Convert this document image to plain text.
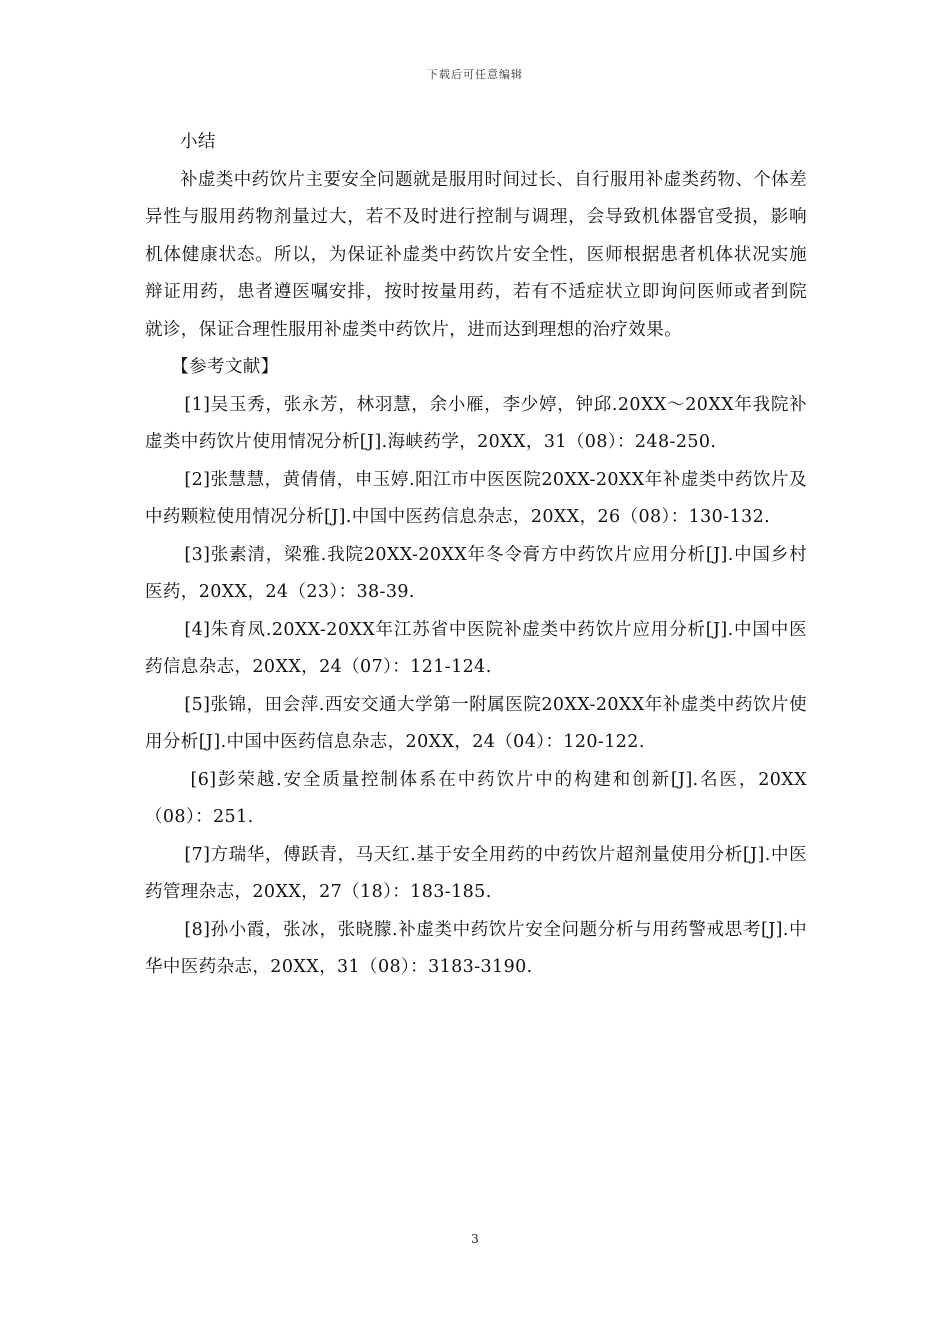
下载后可任意编辑

小结

补虚类中药饮片主要安全问题就是服用时间过长、自行服用补虚类药物、个体差异性与服用药物剂量过大，若不及时进行控制与调理，会导致机体器官受损，影响机体健康状态。所以，为保证补虚类中药饮片安全性，医师根据患者机体状况实施辩证用药，患者遵医嘱安排，按时按量用药，若有不适症状立即询问医师或者到院就诊，保证合理性服用补虚类中药饮片，进而达到理想的治疗效果。

【参考文献】

[1]吴玉秀，张永芳，林羽慧，余小雁，李少婷，钟邱.20XX～20XX年我院补虚类中药饮片使用情况分析[J].海峡药学，20XX，31（08）：248-250.

[2]张慧慧，黄倩倩，申玉婷.阳江市中医医院20XX-20XX年补虚类中药饮片及中药颗粒使用情况分析[J].中国中医药信息杂志，20XX，26（08）：130-132.

[3]张素清，梁雅.我院20XX-20XX年冬令膏方中药饮片应用分析[J].中国乡村医药，20XX，24（23）：38-39.

[4]朱育凤.20XX-20XX年江苏省中医院补虚类中药饮片应用分析[J].中国中医药信息杂志，20XX，24（07）：121-124.

[5]张锦，田会萍.西安交通大学第一附属医院20XX-20XX年补虚类中药饮片使用分析[J].中国中医药信息杂志，20XX，24（04）：120-122.

[6]彭荣越.安全质量控制体系在中药饮片中的构建和创新[J].名医，20XX（08）：251.

[7]方瑞华，傅跃青，马天红.基于安全用药的中药饮片超剂量使用分析[J].中医药管理杂志，20XX，27（18）：183-185.

[8]孙小霞，张冰，张晓朦.补虚类中药饮片安全问题分析与用药警戒思考[J].中华中医药杂志，20XX，31（08）：3183-3190.

3
